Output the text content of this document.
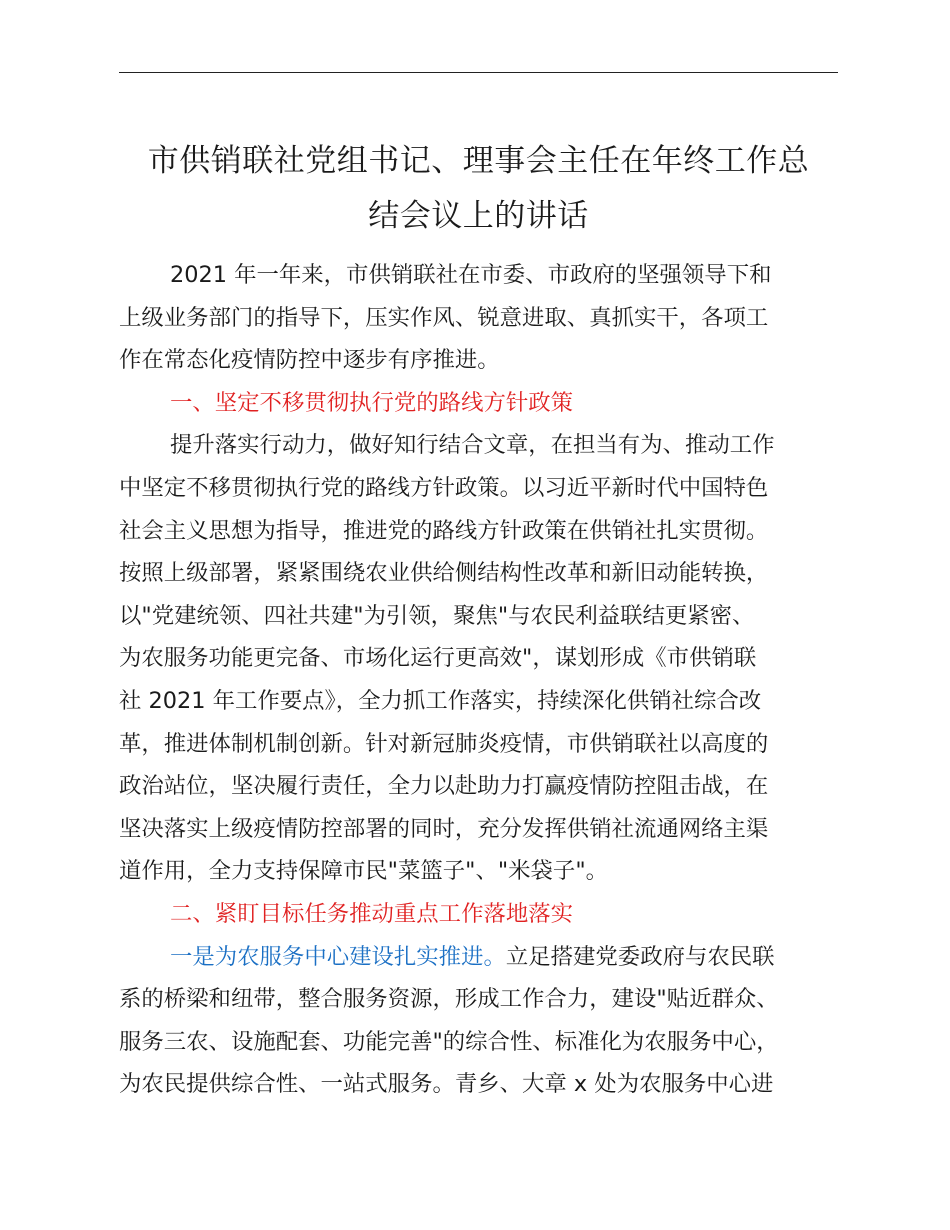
市供销联社党组书记、理事会主任在年终工作总
结会议上的讲话
2021 年一年来，市供销联社在市委、市政府的坚强领导下和
上级业务部门的指导下，压实作风、锐意进取、真抓实干，各项工
作在常态化疫情防控中逐步有序推进。
一、坚定不移贯彻执行党的路线方针政策
提升落实行动力，做好知行结合文章，在担当有为、推动工作
中坚定不移贯彻执行党的路线方针政策。以习近平新时代中国特色
社会主义思想为指导，推进党的路线方针政策在供销社扎实贯彻。
按照上级部署，紧紧围绕农业供给侧结构性改革和新旧动能转换，
以"党建统领、四社共建"为引领，聚焦"与农民利益联结更紧密、
为农服务功能更完备、市场化运行更高效"，谋划形成《市供销联
社 2021 年工作要点》，全力抓工作落实，持续深化供销社综合改
革，推进体制机制创新。针对新冠肺炎疫情，市供销联社以高度的
政治站位，坚决履行责任，全力以赴助力打赢疫情防控阻击战，在
坚决落实上级疫情防控部署的同时，充分发挥供销社流通网络主渠
道作用，全力支持保障市民"菜篮子"、"米袋子"。
二、紧盯目标任务推动重点工作落地落实
一是为农服务中心建设扎实推进。立足搭建党委政府与农民联
系的桥梁和纽带，整合服务资源，形成工作合力，建设"贴近群众、
服务三农、设施配套、功能完善"的综合性、标准化为农服务中心，
为农民提供综合性、一站式服务。青乡、大章 x 处为农服务中心进
